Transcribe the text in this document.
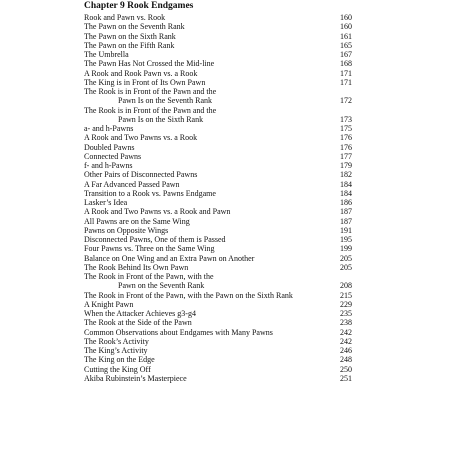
Chapter 9 Rook Endgames
Rook and Pawn vs. Rook	160
The Pawn on the Seventh Rank	160
The Pawn on the Sixth Rank	161
The Pawn on the Fifth Rank	165
The Umbrella	167
The Pawn Has Not Crossed the Mid-line	168
A Rook and Rook Pawn vs. a Rook	171
The King is in Front of Its Own Pawn	171
The Rook is in Front of the Pawn and the
Pawn Is on the Seventh Rank	172
The Rook is in Front of the Pawn and the
Pawn Is on the Sixth Rank	173
a- and h-Pawns	175
A Rook and Two Pawns vs. a Rook	176
Doubled Pawns	176
Connected Pawns	177
f- and h-Pawns	179
Other Pairs of Disconnected Pawns	182
A Far Advanced Passed Pawn	184
Transition to a Rook vs. Pawns Endgame	184
Lasker’s Idea	186
A Rook and Two Pawns vs. a Rook and Pawn	187
All Pawns are on the Same Wing	187
Pawns on Opposite Wings	191
Disconnected Pawns, One of them is Passed	195
Four Pawns vs. Three on the Same Wing	199
Balance on One Wing and an Extra Pawn on Another	205
The Rook Behind Its Own Pawn	205
The Rook in Front of the Pawn, with the
Pawn on the Seventh Rank	208
The Rook in Front of the Pawn, with the Pawn on the Sixth Rank	215
A Knight Pawn	229
When the Attacker Achieves g3-g4	235
The Rook at the Side of the Pawn	238
Common Observations about Endgames with Many Pawns	242
The Rook’s Activity	242
The King’s Activity	246
The King on the Edge	248
Cutting the King Off	250
Akiba Rubinstein’s Masterpiece	251
